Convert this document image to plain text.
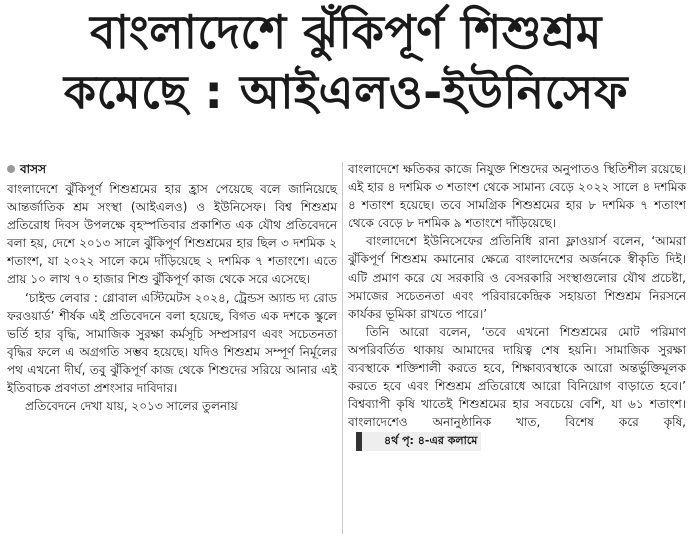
বাংলাদেশে ঝুঁকিপূর্ণ শিশুশ্রম
কমেছে : আইএলও-ইউনিসেফ
বাসস

বাংলাদেশে ঝুঁকিপূর্ণ শিশুশ্রমের হার হ্রাস পেয়েছে বলে জানিয়েছে আন্তর্জাতিক শ্রম সংস্থা (আইএলও) ও ইউনিসেফ। বিশ্ব শিশুশ্রম প্রতিরোধ দিবস উপলক্ষে বৃহস্পতিবার প্রকাশিত এক যৌথ প্রতিবেদনে বলা হয়, দেশে ২০১৩ সালে ঝুঁকিপূর্ণ শিশুশ্রমের হার ছিল ৩ দশমিক ২ শতাংশ, যা ২০২২ সালে কমে দাঁড়িয়েছে ২ দশমিক ৭ শতাংশে। এতে প্রায় ১০ লাখ ৭০ হাজার শিশু ঝুঁকিপূর্ণ কাজ থেকে সরে এসেছে।

‘চাইল্ড লেবার : গ্লোবাল এস্টিমেটস ২০২৪, ট্রেন্ডস অ্যান্ড দ্য রোড ফরওয়ার্ড’ শীর্ষক এই প্রতিবেদনে বলা হয়েছে, বিগত এক দশকে স্কুলে ভর্তি হার বৃদ্ধি, সামাজিক সুরক্ষা কর্মসূচি সম্প্রসারণ এবং সচেতনতা বৃদ্ধির ফলে এ অগ্রগতি সম্ভব হয়েছে। যদিও শিশুশ্রম সম্পূর্ণ নির্মূলের পথ এখনো দীর্ঘ, তবু ঝুঁকিপূর্ণ কাজ থেকে শিশুদের সরিয়ে আনার এই ইতিবাচক প্রবণতা প্রশংসার দাবিদার।

প্রতিবেদনে দেখা যায়, ২০১৩ সালের তুলনায়

বাংলাদেশে ক্ষতিকর কাজে নিযুক্ত শিশুদের অনুপাতও স্থিতিশীল রয়েছে। এই হার ৪ দশমিক ৩ শতাংশ থেকে সামান্য বেড়ে ২০২২ সালে ৪ দশমিক ৪ শতাংশ হয়েছে। তবে সামগ্রিক শিশুশ্রমের হার ৮ দশমিক ৭ শতাংশ থেকে বেড়ে ৮ দশমিক ৯ শতাংশে দাঁড়িয়েছে।

বাংলাদেশে ইউনিসেফের প্রতিনিধি রানা ফ্লাওয়ার্স বলেন, ‘আমরা ঝুঁকিপূর্ণ শিশুশ্রম কমানোর ক্ষেত্রে বাংলাদেশের অর্জনকে স্বীকৃতি দিই। এটি প্রমাণ করে যে সরকারি ও বেসরকারি সংস্থাগুলোর যৌথ প্রচেষ্টা, সমাজের সচেতনতা এবং পরিবারকেন্দ্রিক সহায়তা শিশুশ্রম নিরসনে কার্যকর ভূমিকা রাখতে পারে।’

তিনি আরো বলেন, ‘তবে এখনো শিশুশ্রমের মোট পরিমাণ অপরিবর্তিত থাকায় আমাদের দায়িত্ব শেষ হয়নি। সামাজিক সুরক্ষা ব্যবস্থাকে শক্তিশালী করতে হবে, শিক্ষাব্যবস্থাকে আরো অন্তর্ভুক্তিমূলক করতে হবে এবং শিশুশ্রম প্রতিরোধে আরো বিনিয়োগ বাড়াতে হবে।’ বিশ্বব্যাপী কৃষি খাতেই শিশুশ্রমের হার সবচেয়ে বেশি, যা ৬১ শতাংশ। বাংলাদেশেও অনানুষ্ঠানিক খাত, বিশেষ করে কৃষি, ৪র্থ পৃ: ৪-এর কলামে
